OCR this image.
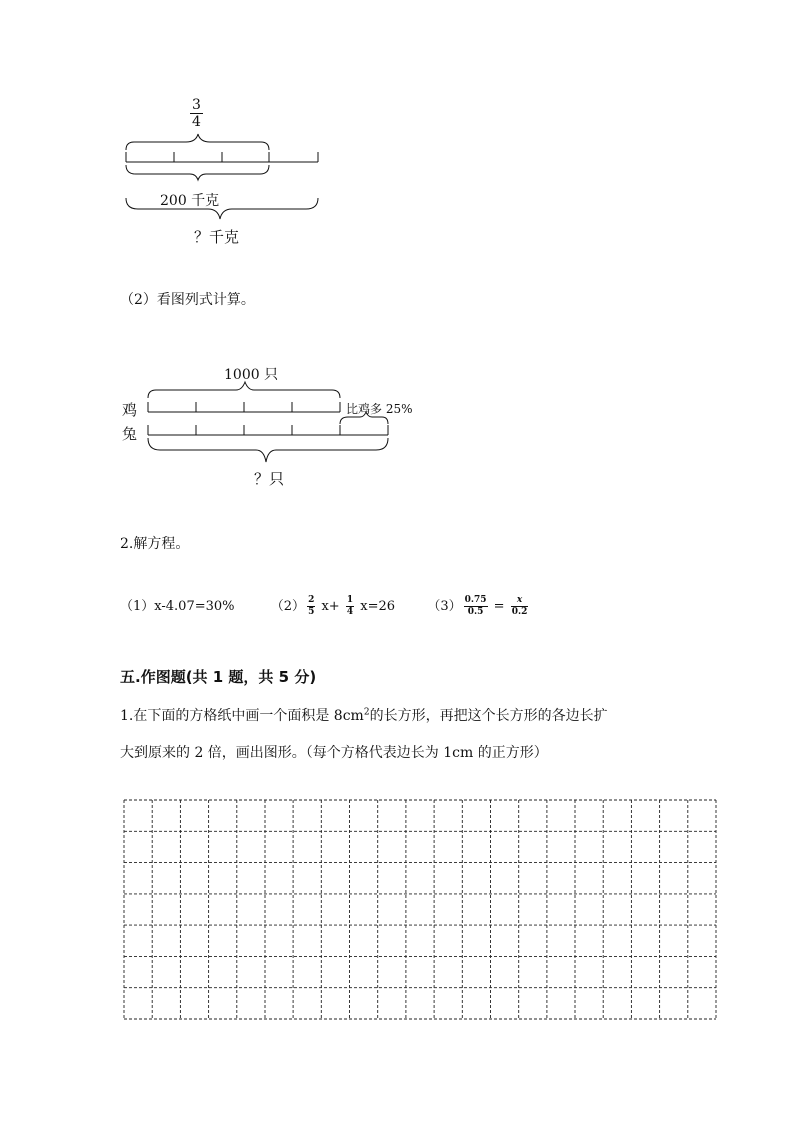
$\frac{3}{4}$
200 千克
？千克
（2）看图列式计算。
1000 只
鸡
兔
比鸡多 25%
？只
2.解方程。
（1）x-4.07=30%	$(2) \frac{2}{5} x+ \frac{1}{4} x=26$ $(3) \frac{0.75}{0.5} = \frac{x}{0.2}$
五.作图题(共 1 题，共 5 分)
1.在下面的方格纸中画一个面积是 $8cm^2$的长方形，再把这个长方形的各边长扩
大到原来的 2 倍，画出图形。（每个方格代表边长为 1cm 的正方形）
